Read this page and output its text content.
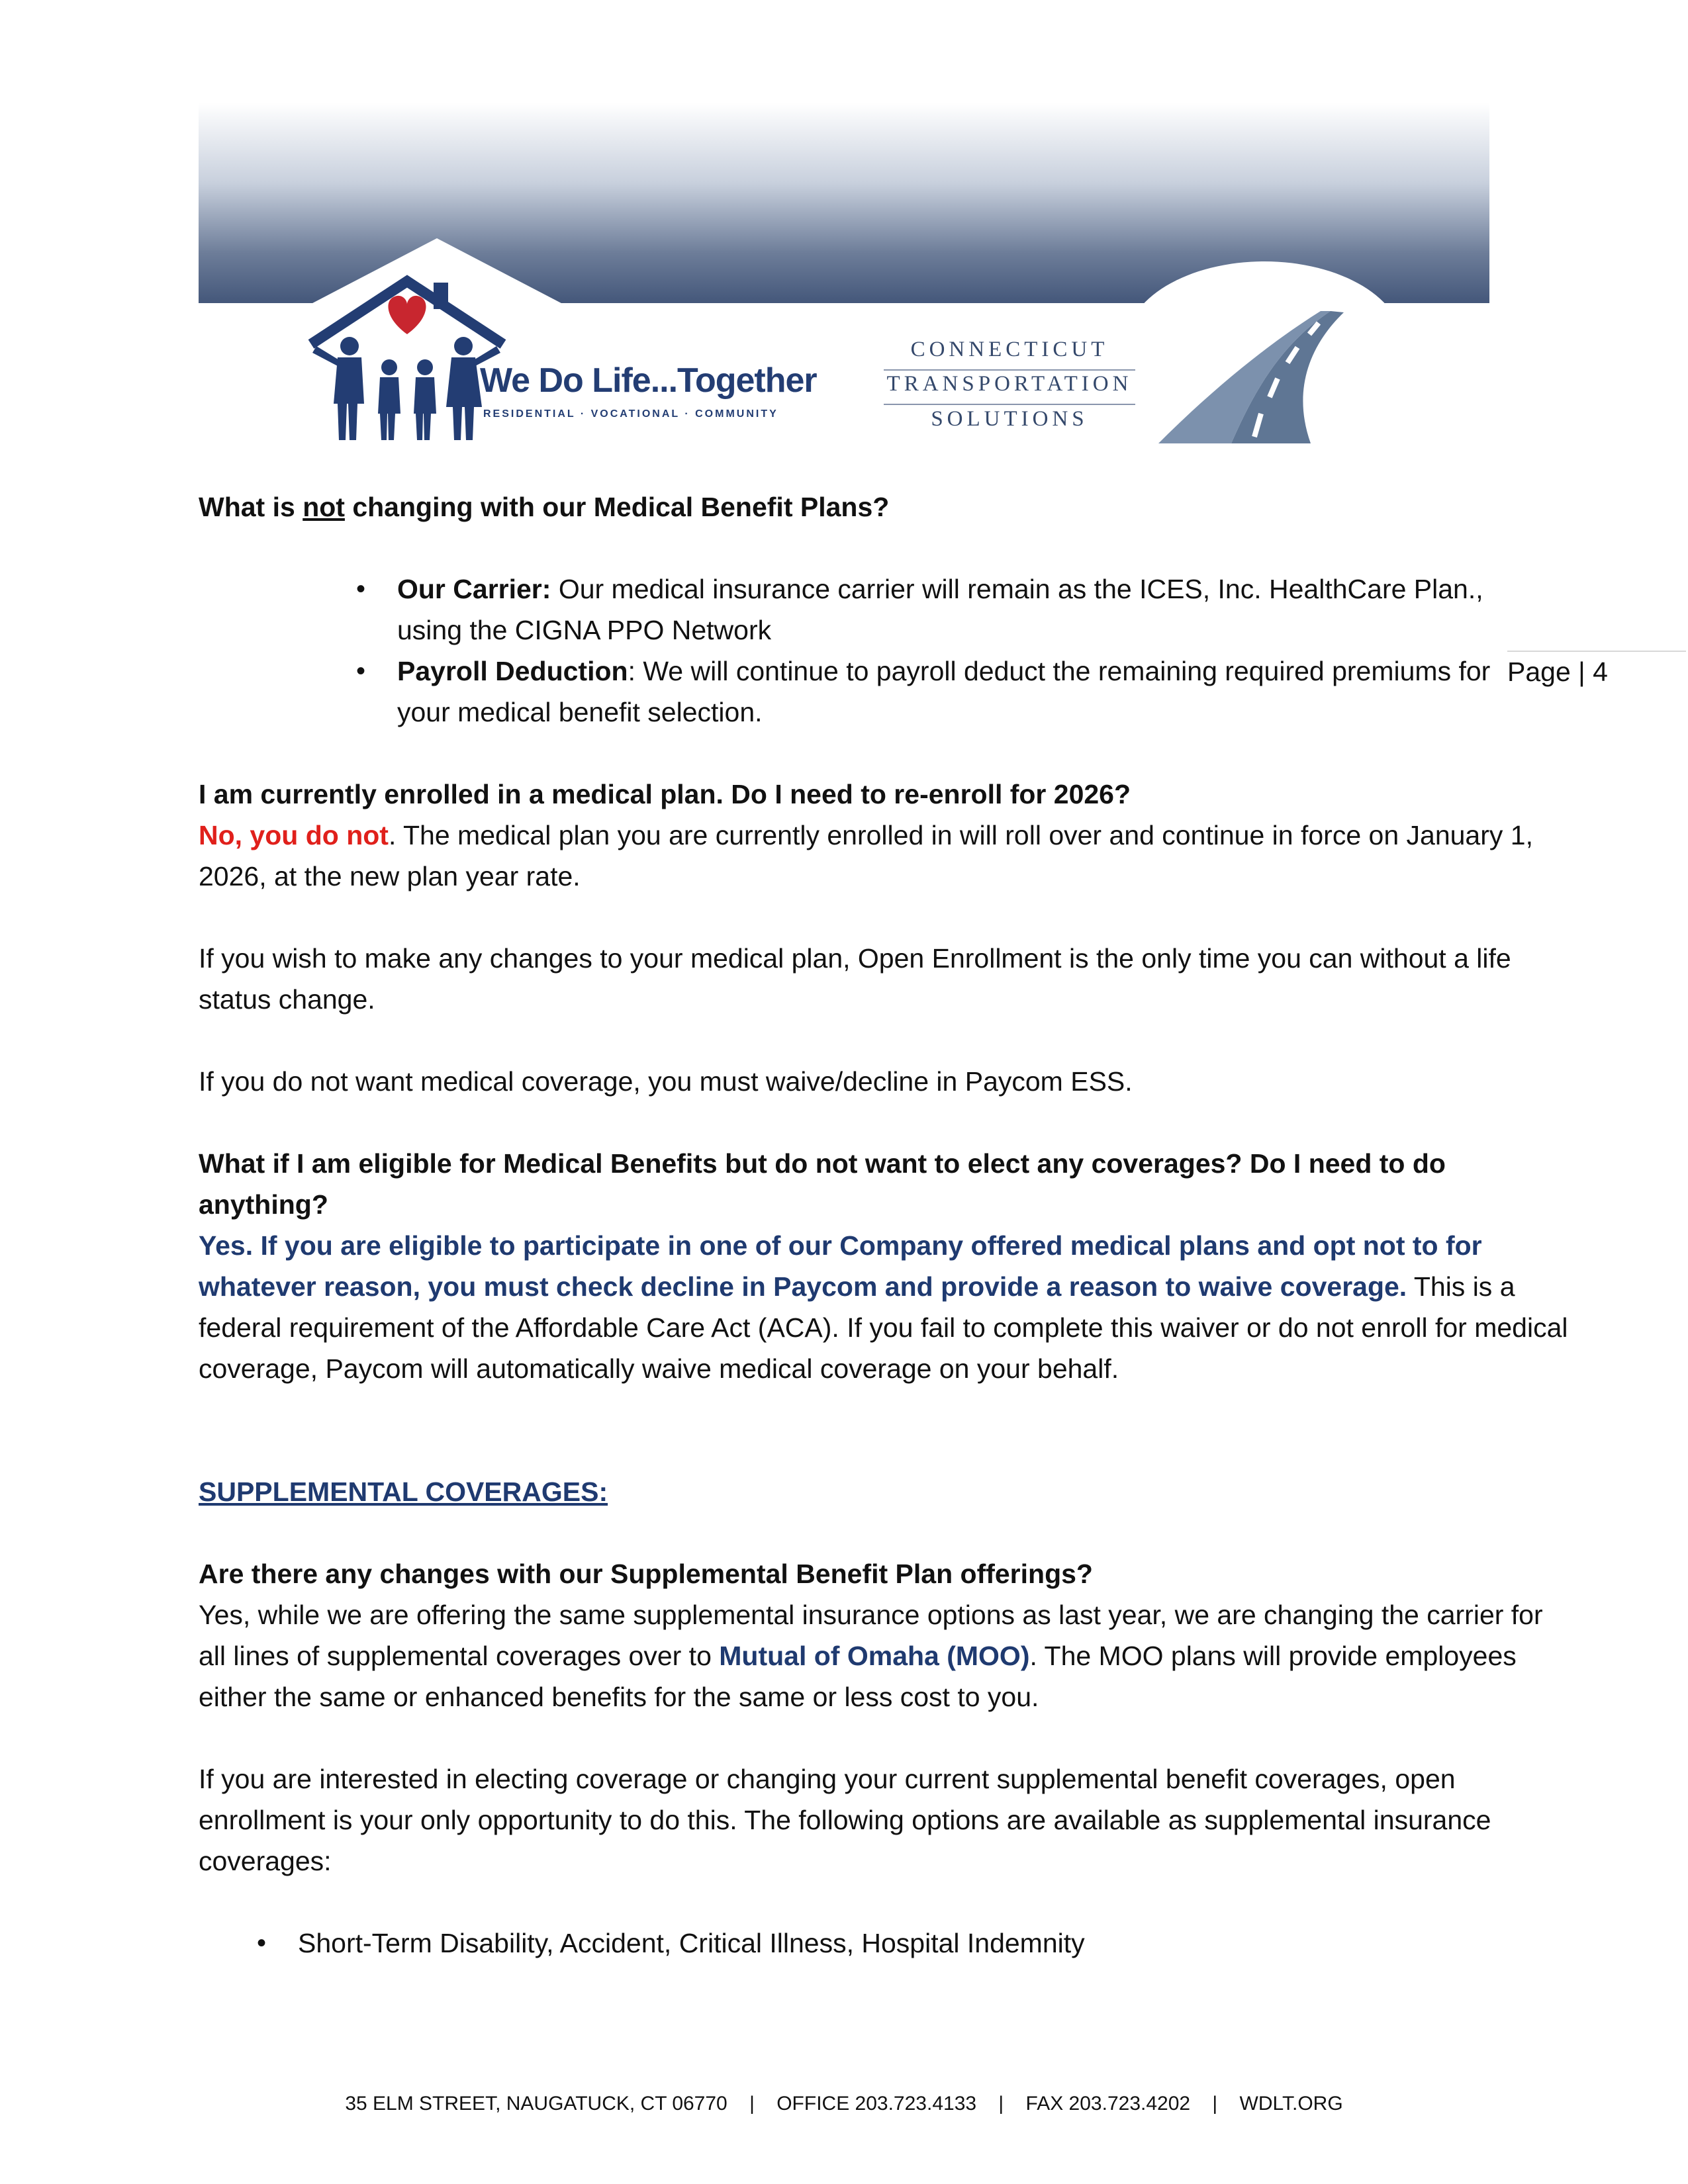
We Do Life...Together
RESIDENTIAL · VOCATIONAL · COMMUNITY
CONNECTICUT
TRANSPORTATION
SOLUTIONS
Page | 4

What is not changing with our Medical Benefit Plans?

• Our Carrier: Our medical insurance carrier will remain as the ICES, Inc. HealthCare Plan., using the CIGNA PPO Network
• Payroll Deduction: We will continue to payroll deduct the remaining required premiums for your medical benefit selection.

I am currently enrolled in a medical plan. Do I need to re-enroll for 2026?

No, you do not. The medical plan you are currently enrolled in will roll over and continue in force on January 1, 2026, at the new plan year rate.

If you wish to make any changes to your medical plan, Open Enrollment is the only time you can without a life status change.

If you do not want medical coverage, you must waive/decline in Paycom ESS.

What if I am eligible for Medical Benefits but do not want to elect any coverages? Do I need to do anything?

Yes. If you are eligible to participate in one of our Company offered medical plans and opt not to for whatever reason, you must check decline in Paycom and provide a reason to waive coverage. This is a federal requirement of the Affordable Care Act (ACA). If you fail to complete this waiver or do not enroll for medical coverage, Paycom will automatically waive medical coverage on your behalf.

SUPPLEMENTAL COVERAGES:

Are there any changes with our Supplemental Benefit Plan offerings?

Yes, while we are offering the same supplemental insurance options as last year, we are changing the carrier for all lines of supplemental coverages over to Mutual of Omaha (MOO). The MOO plans will provide employees either the same or enhanced benefits for the same or less cost to you.

If you are interested in electing coverage or changing your current supplemental benefit coverages, open enrollment is your only opportunity to do this. The following options are available as supplemental insurance coverages:

• Short-Term Disability, Accident, Critical Illness, Hospital Indemnity
35 ELM STREET, NAUGATUCK, CT 06770    |    OFFICE 203.723.4133    |    FAX 203.723.4202    |    WDLT.ORG
